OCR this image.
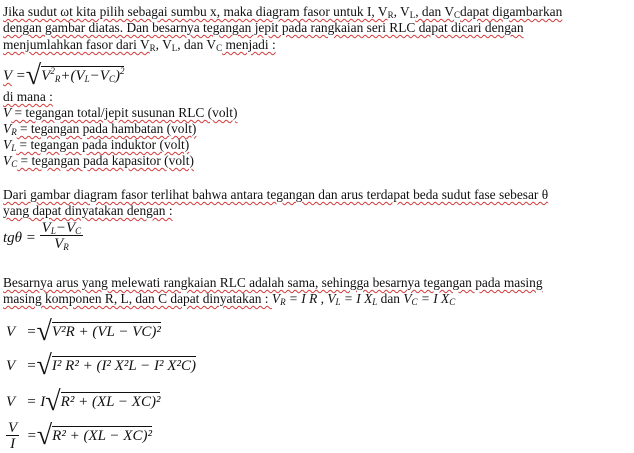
Jika sudut ωt kita pilih sebagai sumbu x, maka diagram fasor untuk I, $V_R$, $V_L$, dan $V_Cdapat$ digambarkan
dengan gambar diatas. Dan besarnya tegangan jepit pada rangkaian seri RLC dapat dicari dengan
menjumlahkan fasor dari $V_R$, $V_L$, dan $V_C$ menjadi :
$V =√V^2_R+(V_L-V_C)^2$
di mana :
V = tegangan total/jepit susunan RLC (volt)
$V_R$ = tegangan pada hambatan (volt)
$V_L$ = tegangan pada induktor (volt)
$V_C$ = tegangan pada kapasitor (volt)
Dari gambar diagram fasor terlihat bahwa antara tegangan dan arus terdapat beda sudut fase sebesar θ
yang dapat dinyatakan dengan :
$tg\theta = \frac{V_L-V_C}{V_R}$
Besarnya arus yang melewati rangkaian RLC adalah sama, sehingga besarnya tegangan pada masing
masing komponen R, L, dan C dapat dinyatakan : $V_R = I$ R , $V_L = I$ $X_L$ dan $V_C = I$ $X_C$
V =√V²R + (VL − VC)²
V =√I² R² + (I² X²L − I² X²C)
V = I√R² + (XL − XC)²
$\frac{V}{I} =√R^2 + (XL - XC)^2$
